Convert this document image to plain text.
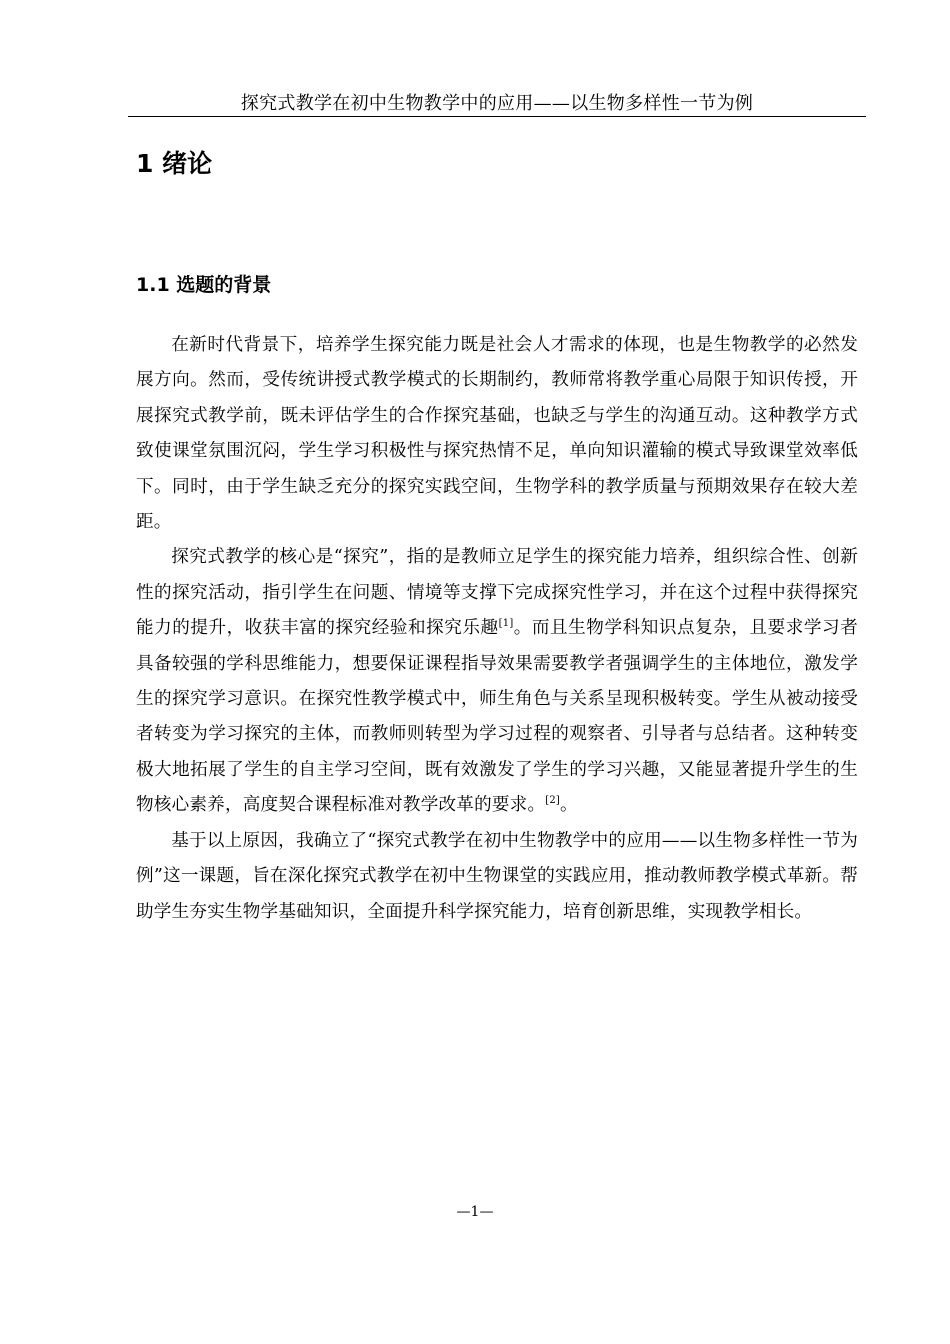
探究式教学在初中生物教学中的应用——以生物多样性一节为例
1 绪论
1.1 选题的背景

在新时代背景下，培养学生探究能力既是社会人才需求的体现，也是生物教学的必然发展方向。然而，受传统讲授式教学模式的长期制约，教师常将教学重心局限于知识传授，开展探究式教学前，既未评估学生的合作探究基础，也缺乏与学生的沟通互动。这种教学方式致使课堂氛围沉闷，学生学习积极性与探究热情不足，单向知识灌输的模式导致课堂效率低下。同时，由于学生缺乏充分的探究实践空间，生物学科的教学质量与预期效果存在较大差距。

探究式教学的核心是“探究”，指的是教师立足学生的探究能力培养，组织综合性、创新性的探究活动，指引学生在问题、情境等支撑下完成探究性学习，并在这个过程中获得探究能力的提升，收获丰富的探究经验和探究乐趣[1]。而且生物学科知识点复杂，且要求学习者具备较强的学科思维能力，想要保证课程指导效果需要教学者强调学生的主体地位，激发学生的探究学习意识。在探究性教学模式中，师生角色与关系呈现积极转变。学生从被动接受者转变为学习探究的主体，而教师则转型为学习过程的观察者、引导者与总结者。这种转变极大地拓展了学生的自主学习空间，既有效激发了学生的学习兴趣，又能显著提升学生的生物核心素养，高度契合课程标准对教学改革的要求。[2]。

基于以上原因，我确立了“探究式教学在初中生物教学中的应用——以生物多样性一节为例”这一课题，旨在深化探究式教学在初中生物课堂的实践应用，推动教师教学模式革新。帮助学生夯实生物学基础知识，全面提升科学探究能力，培育创新思维，实现教学相长。

—1—
